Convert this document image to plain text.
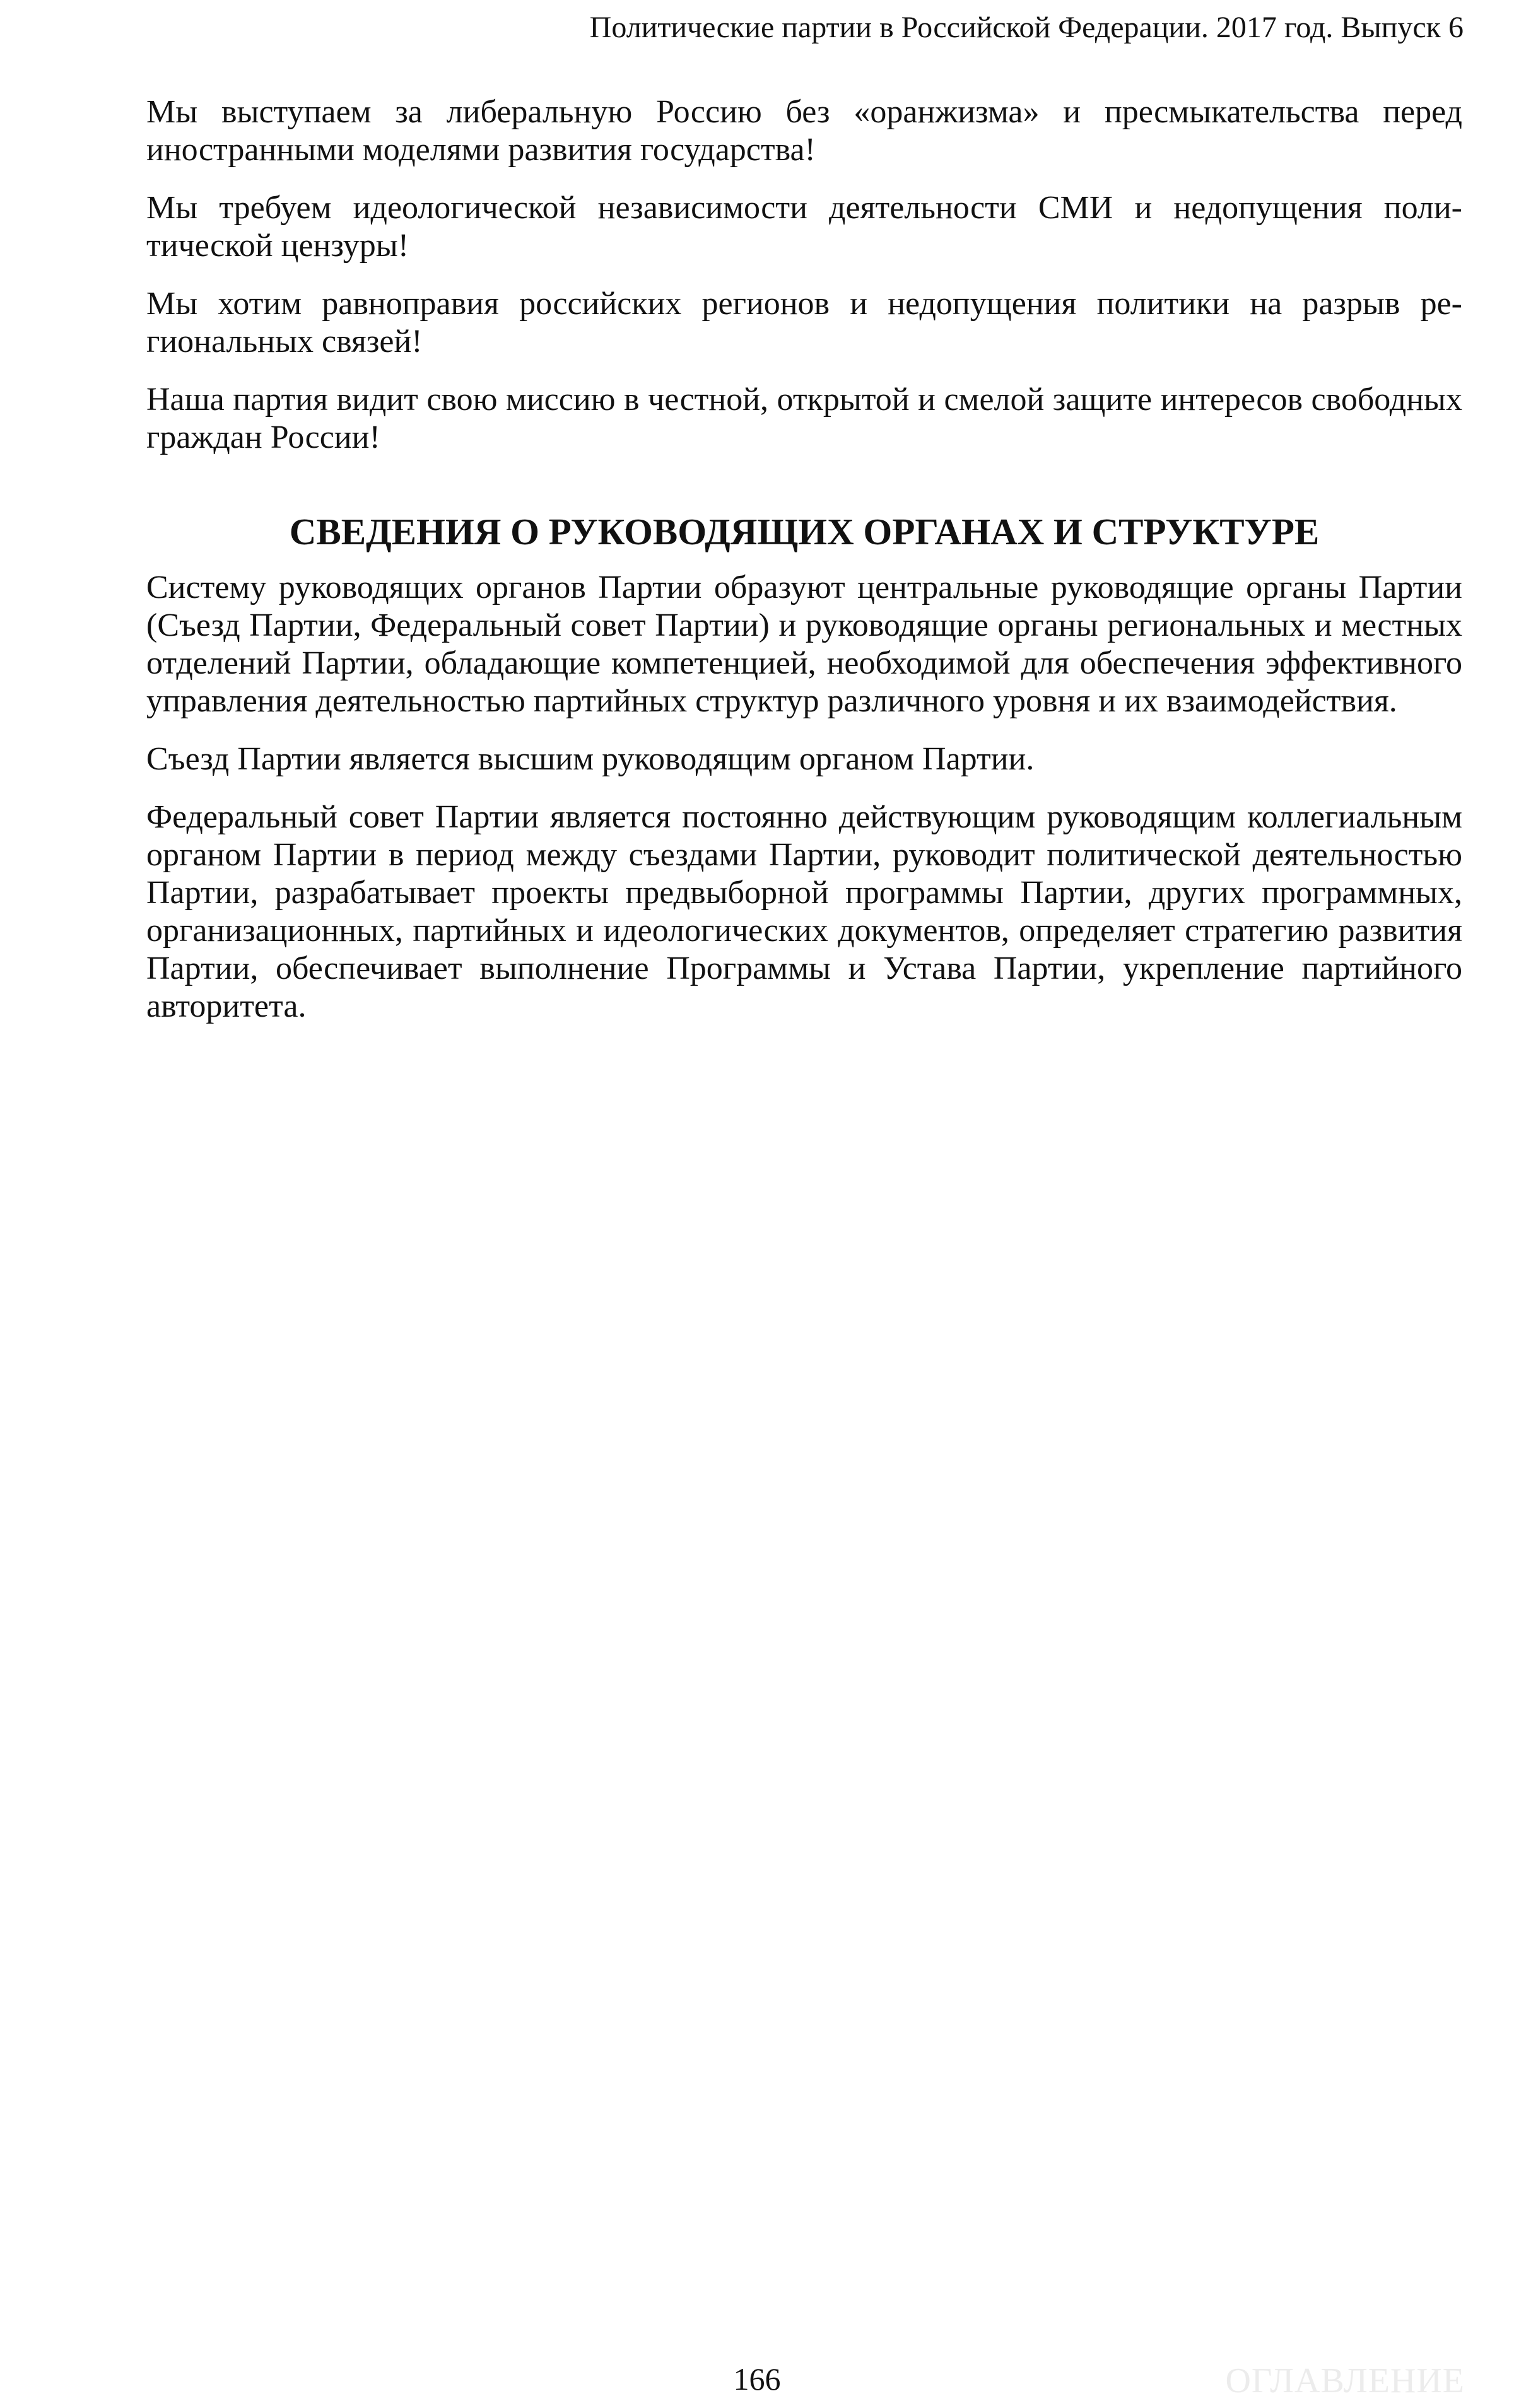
Политические партии в Российской Федерации. 2017 год. Выпуск 6

Мы выступаем за либеральную Россию без «оранжизма» и пресмыкательства перед иностранными моделями развития государства!

Мы требуем идеологической независимости деятельности СМИ и недопущения политической цензуры!

Мы хотим равноправия российских регионов и недопущения политики на разрыв региональных связей!

Наша партия видит свою миссию в честной, открытой и смелой защите интересов свободных граждан России!

СВЕДЕНИЯ О РУКОВОДЯЩИХ ОРГАНАХ И СТРУКТУРЕ

Систему руководящих органов Партии образуют центральные руководящие органы Партии (Съезд Партии, Федеральный совет Партии) и руководящие органы региональных и местных отделений Партии, обладающие компетенцией, необходимой для обеспечения эффективного управления деятельностью партийных структур различного уровня и их взаимодействия.

Съезд Партии является высшим руководящим органом Партии.

Федеральный совет Партии является постоянно действующим руководящим коллегиальным органом Партии в период между съездами Партии, руководит политической деятельностью Партии, разрабатывает проекты предвыборной программы Партии, других программных, организационных, партийных и идеологических документов, определяет стратегию развития Партии, обеспечивает выполнение Программы и Устава Партии, укрепление партийного авторитета.

166	ОГЛАВЛЕНИЕ
